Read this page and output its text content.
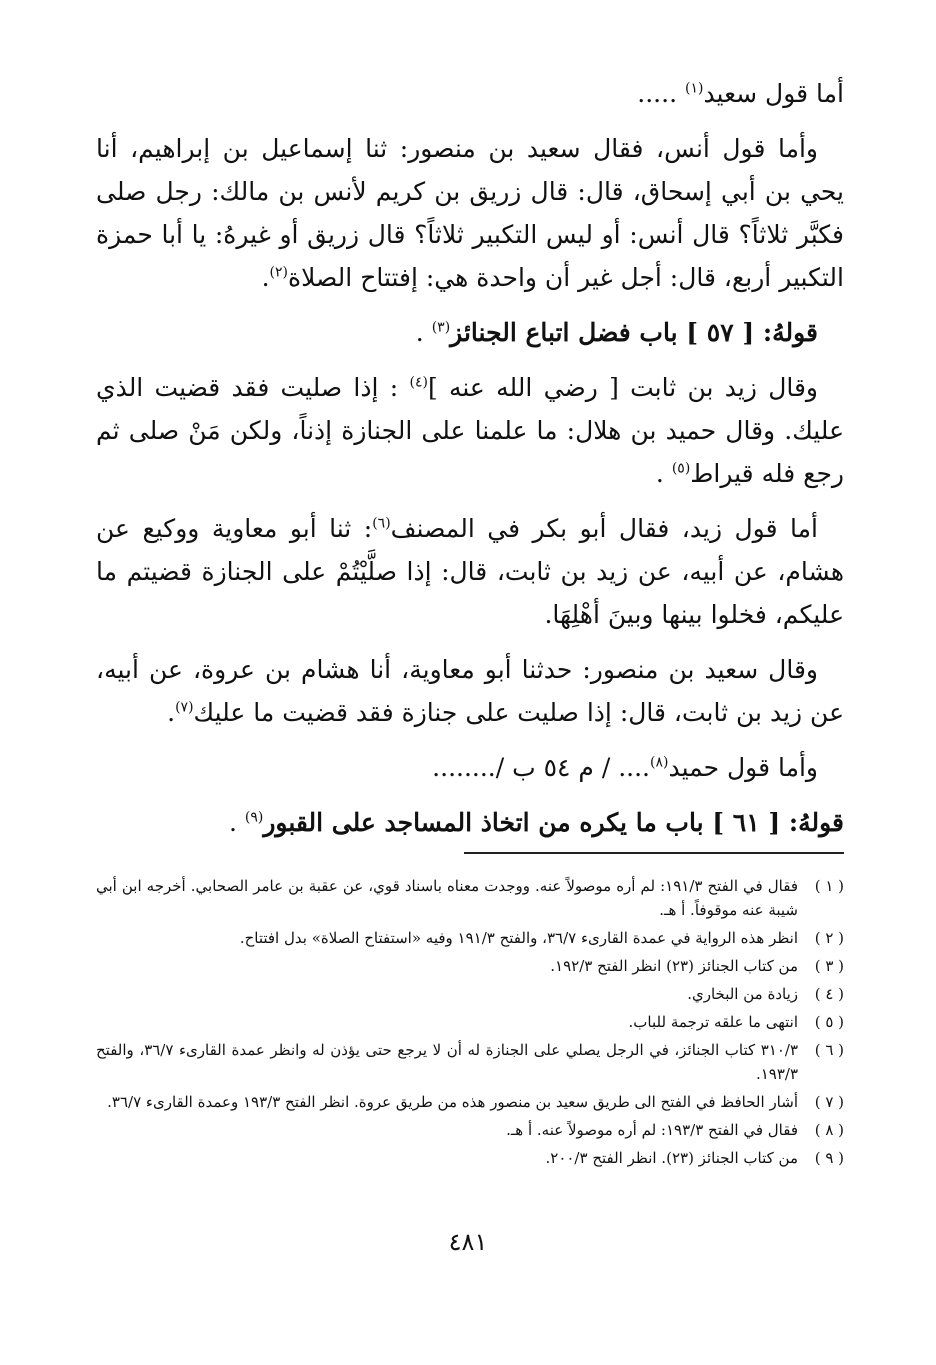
أما قول سعيد$^{(١)}$ .....

وأما قول أنس، فقال سعيد بن منصور: ثنا إسماعيل بن إبراهيم، أنا يحي بن أبي إسحاق، قال: قال زريق بن كريم لأنس بن مالك: رجل صلى فكبَّر ثلاثاً؟ قال أنس: أو ليس التكبير ثلاثاً؟ قال زريق أو غيرهُ: يا أبا حمزة التكبير أربع، قال: أجل غير أن واحدة هي: إفتتاح الصلاة$^{(٢)}$.

قولهُ: [ ٥٧ ] باب فضل اتباع الجنائز$^{(٣)}$ .

وقال زيد بن ثابت [ رضي الله عنه ]$^{(٤)}$ : إذا صليت فقد قضيت الذي عليك. وقال حميد بن هلال: ما علمنا على الجنازة إذناً، ولكن مَنْ صلى ثم رجع فله قيراط$^{(٥)}$ .

أما قول زيد، فقال أبو بكر في المصنف$^{(٦)}$: ثنا أبو معاوية ووكيع عن هشام، عن أبيه، عن زيد بن ثابت، قال: إذا صلَّيْتُمْ على الجنازة قضيتم ما عليكم، فخلوا بينها وبينَ أهْلِهَا.

وقال سعيد بن منصور: حدثنا أبو معاوية، أنا هشام بن عروة، عن أبيه، عن زيد بن ثابت، قال: إذا صليت على جنازة فقد قضيت ما عليك$^{(٧)}$.

وأما قول حميد$^{(٨)}$.... / م ٥٤ ب /........

قولهُ: [ ٦١ ] باب ما يكره من اتخاذ المساجد على القبور$^{(٩)}$ .

( ١ )
فقال في الفتح ١٩١/٣: لم أره موصولاً عنه. ووجدت معناه باسناد قوي، عن عقبة بن عامر الصحابي. أخرجه ابن أبي شيبة عنه موقوفاً. أ هـ.
( ٢ )
انظر هذه الرواية في عمدة القارىء ٣٦/٧، والفتح ١٩١/٣ وفيه «استفتاح الصلاة» بدل افتتاح.
( ٣ )
من كتاب الجنائز (٢٣) انظر الفتح ١٩٢/٣.
( ٤ )
زيادة من البخاري.
( ٥ )
انتهى ما علقه ترجمة للباب.
( ٦ )
٣١٠/٣ كتاب الجنائز، في الرجل يصلي على الجنازة له أن لا يرجع حتى يؤذن له وانظر عمدة القارىء ٣٦/٧، والفتح ١٩٣/٣.
( ٧ )
أشار الحافظ في الفتح الى طريق سعيد بن منصور هذه من طريق عروة. انظر الفتح ١٩٣/٣ وعمدة القارىء ٣٦/٧.
( ٨ )
فقال في الفتح ١٩٣/٣: لم أره موصولاً عنه. أ هـ.
( ٩ )
من كتاب الجنائز (٢٣). انظر الفتح ٢٠٠/٣.
٤٨١
